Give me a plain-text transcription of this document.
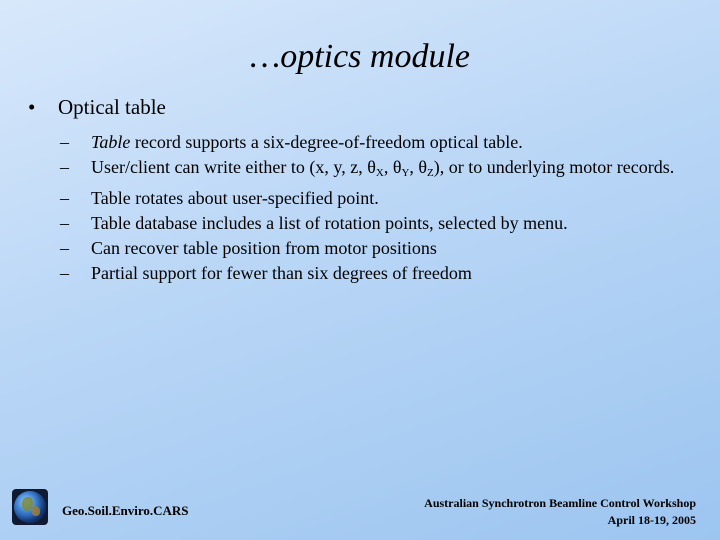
…optics module
• Optical table
– Table record supports a six-degree-of-freedom optical table.
– User/client can write either to (x, y, z, $\theta_X$, $\theta_Y$, $\theta_Z$), or to underlying motor records.
– Table rotates about user-specified point.
– Table database includes a list of rotation points, selected by menu.
– Can recover table position from motor positions
– Partial support for fewer than six degrees of freedom
Geo.Soil.Enviro.CARS	Australian Synchrotron Beamline Control Workshop
April 18-19, 2005
